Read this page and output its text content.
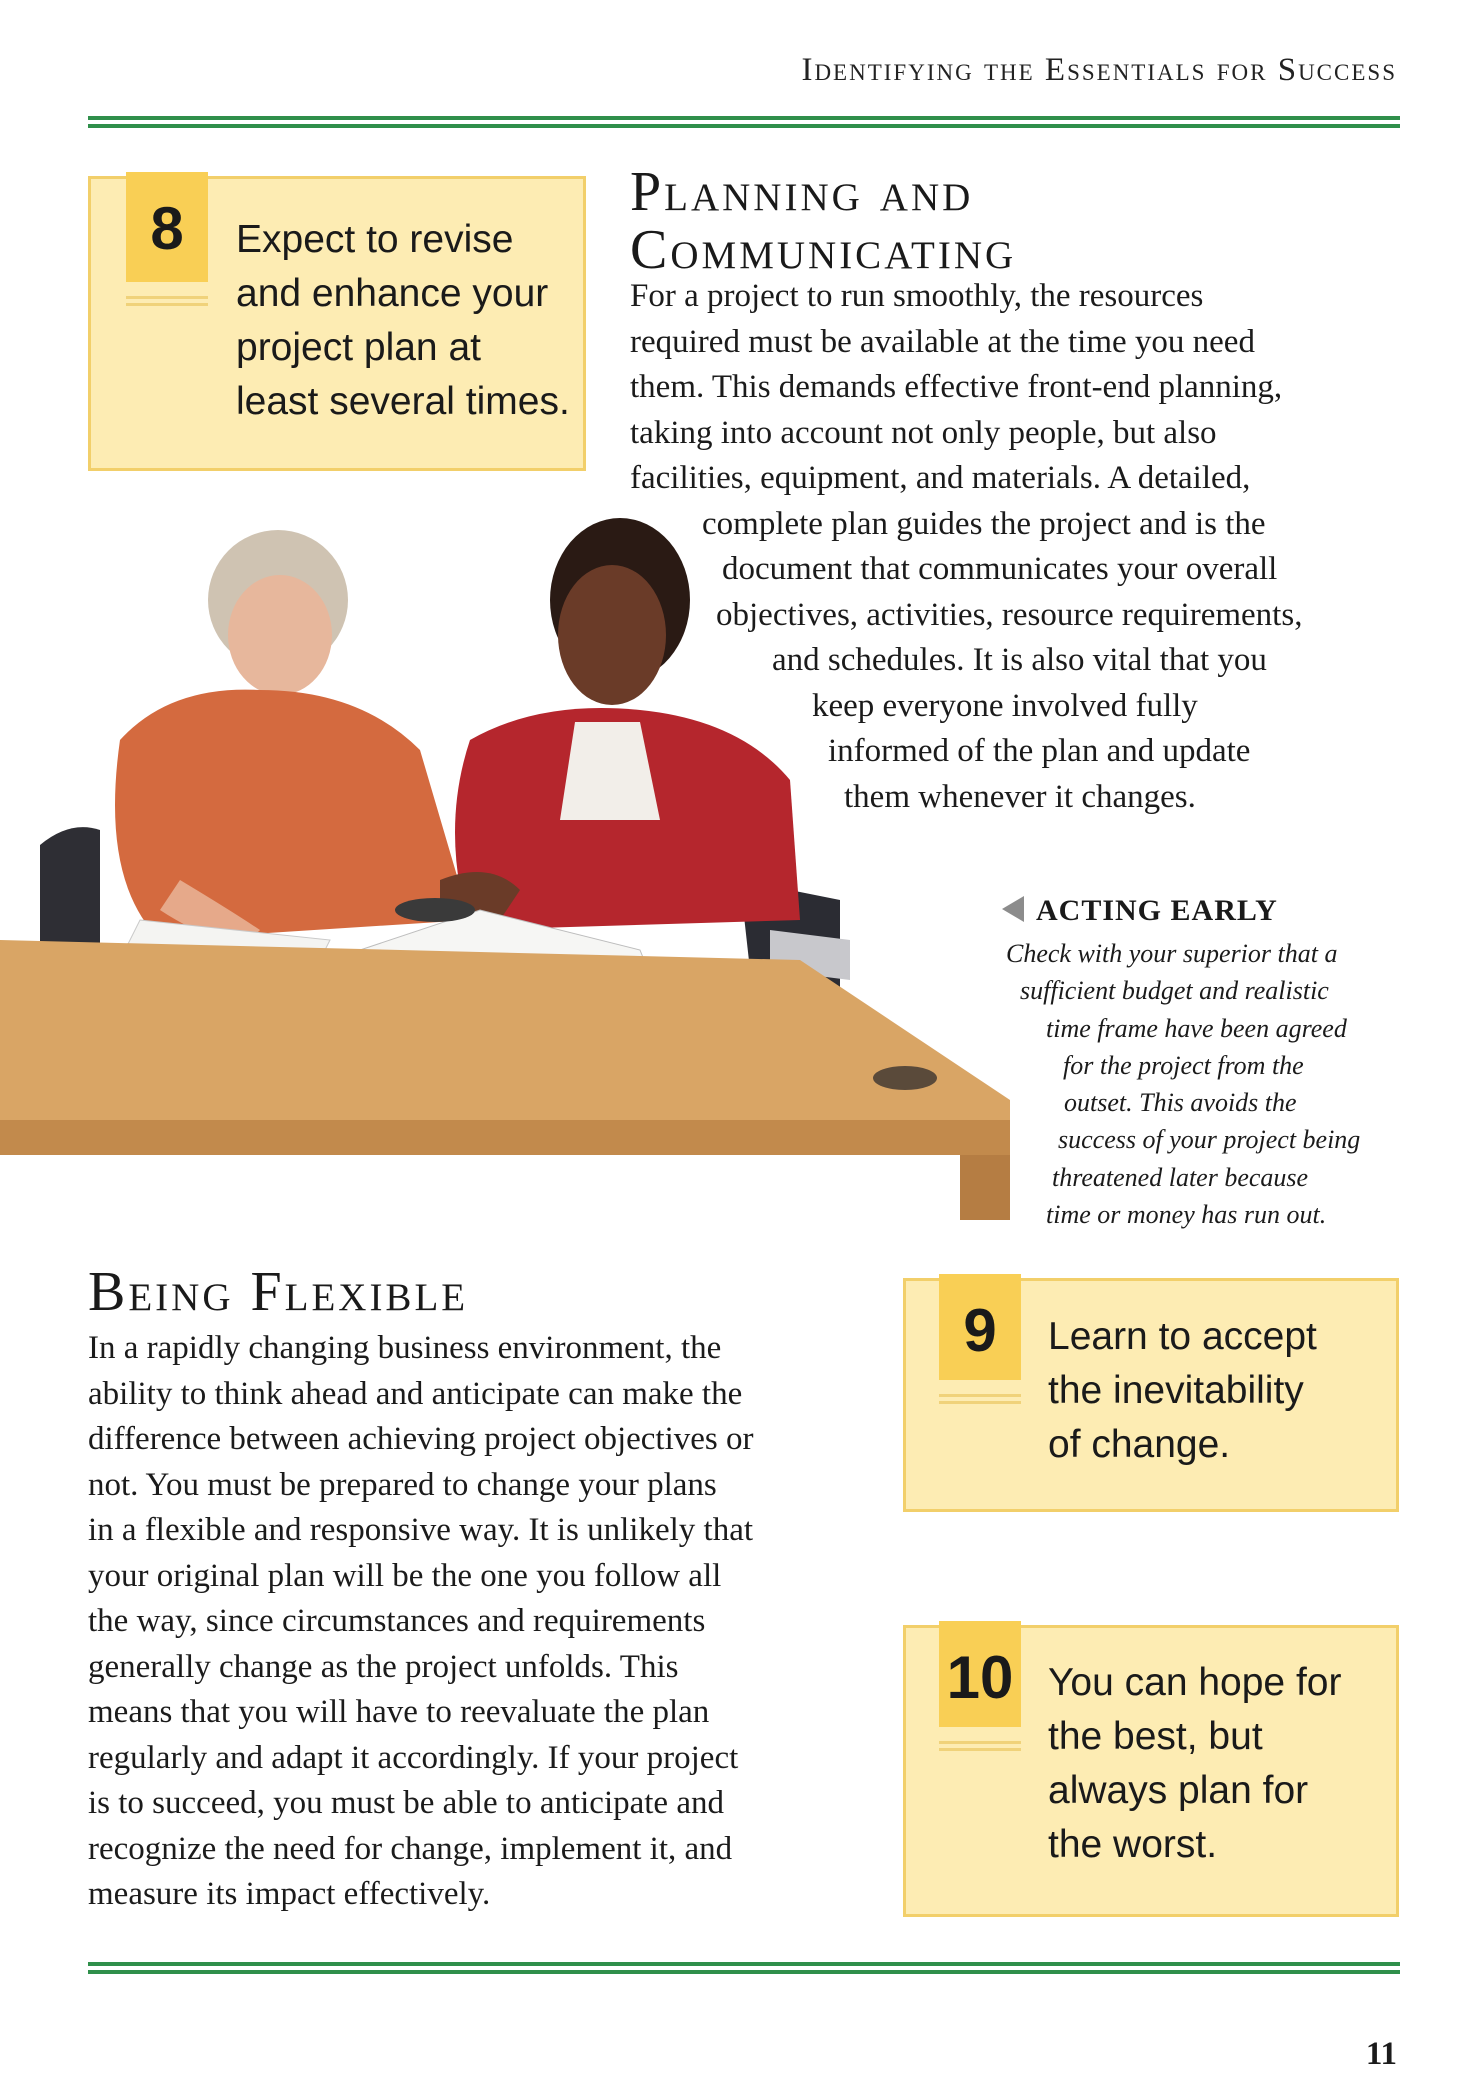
Identifying the Essentials for Success
8	Expect to revise
and enhance your
project plan at
least several times.
Planning and
Communicating
For a project to run smoothly, the resources
required must be available at the time you need
them. This demands effective front-end planning,
taking into account not only people, but also
facilities, equipment, and materials. A detailed,
complete plan guides the project and is the
document that communicates your overall
objectives, activities, resource requirements,
and schedules. It is also vital that you
keep everyone involved fully
informed of the plan and update
them whenever it changes.
ACTING EARLY
Check with your superior that a
sufficient budget and realistic
time frame have been agreed
for the project from the
outset. This avoids the
success of your project being
threatened later because
time or money has run out.
Being Flexible
In a rapidly changing business environment, the
ability to think ahead and anticipate can make the
difference between achieving project objectives or
not. You must be prepared to change your plans
in a flexible and responsive way. It is unlikely that
your original plan will be the one you follow all
the way, since circumstances and requirements
generally change as the project unfolds. This
means that you will have to reevaluate the plan
regularly and adapt it accordingly. If your project
is to succeed, you must be able to anticipate and
recognize the need for change, implement it, and
measure its impact effectively.
9	Learn to accept
the inevitability
of change.
10 You can hope for
the best, but
always plan for
the worst.
11
